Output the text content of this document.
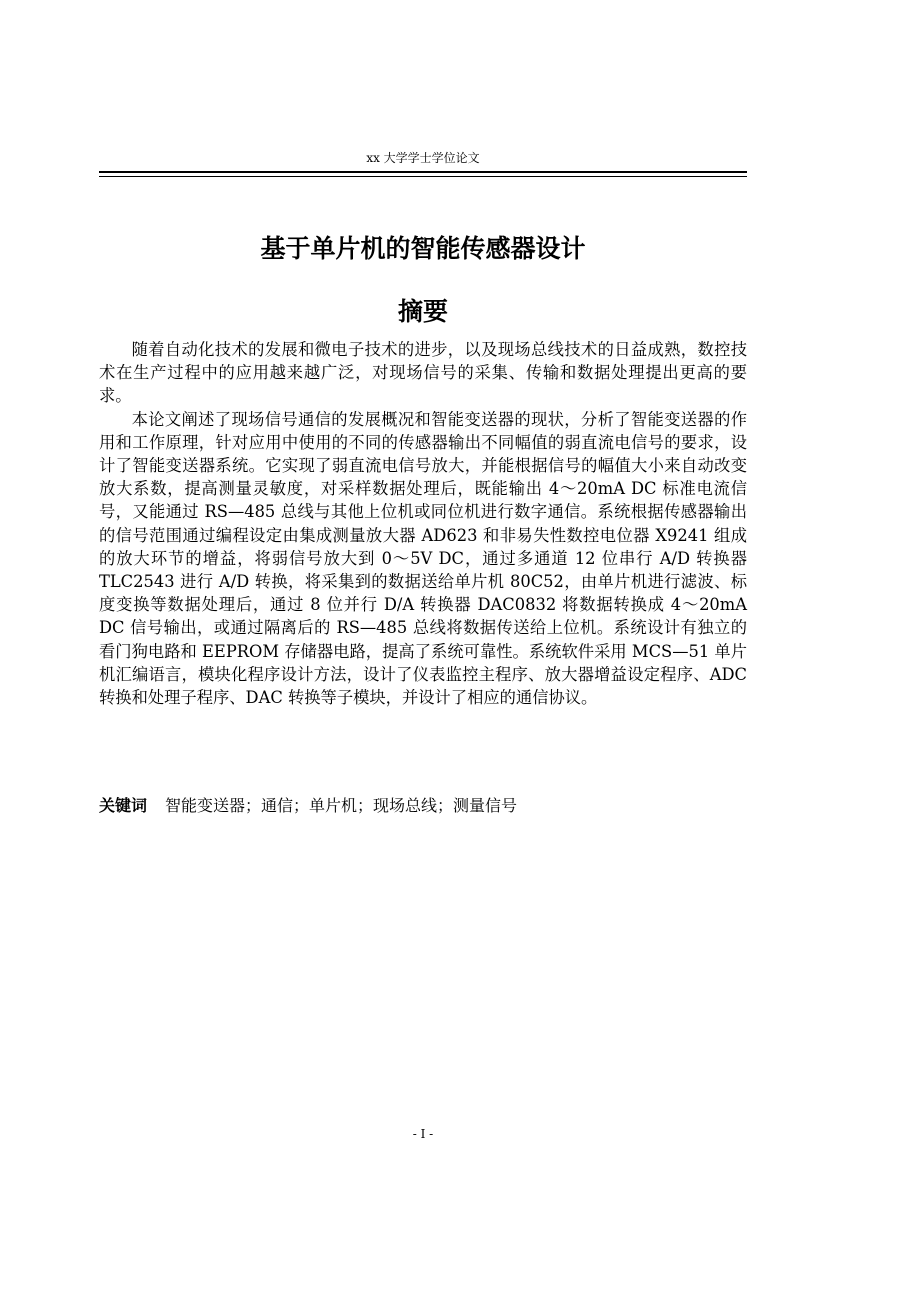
xx 大学学士学位论文
基于单片机的智能传感器设计
摘要

随着自动化技术的发展和微电子技术的进步，以及现场总线技术的日益成熟，数控技术在生产过程中的应用越来越广泛，对现场信号的采集、传输和数据处理提出更高的要求。

本论文阐述了现场信号通信的发展概况和智能变送器的现状，分析了智能变送器的作用和工作原理，针对应用中使用的不同的传感器输出不同幅值的弱直流电信号的要求，设计了智能变送器系统。它实现了弱直流电信号放大，并能根据信号的幅值大小来自动改变放大系数，提高测量灵敏度，对采样数据处理后，既能输出 4～20mA DC 标准电流信号，又能通过 RS—485 总线与其他上位机或同位机进行数字通信。系统根据传感器输出的信号范围通过编程设定由集成测量放大器 AD623 和非易失性数控电位器 X9241 组成的放大环节的增益，将弱信号放大到 0～5V DC，通过多通道 12 位串行 A/D 转换器 TLC2543 进行 A/D 转换，将采集到的数据送给单片机 80C52，由单片机进行滤波、标度变换等数据处理后，通过 8 位并行 D/A 转换器 DAC0832 将数据转换成 4～20mA DC 信号输出，或通过隔离后的 RS—485 总线将数据传送给上位机。系统设计有独立的看门狗电路和 EEPROM 存储器电路，提高了系统可靠性。系统软件采用 MCS—51 单片机汇编语言，模块化程序设计方法，设计了仪表监控主程序、放大器增益设定程序、ADC 转换和处理子程序、DAC 转换等子模块，并设计了相应的通信协议。

关键词 智能变送器；通信；单片机；现场总线；测量信号
- I -
